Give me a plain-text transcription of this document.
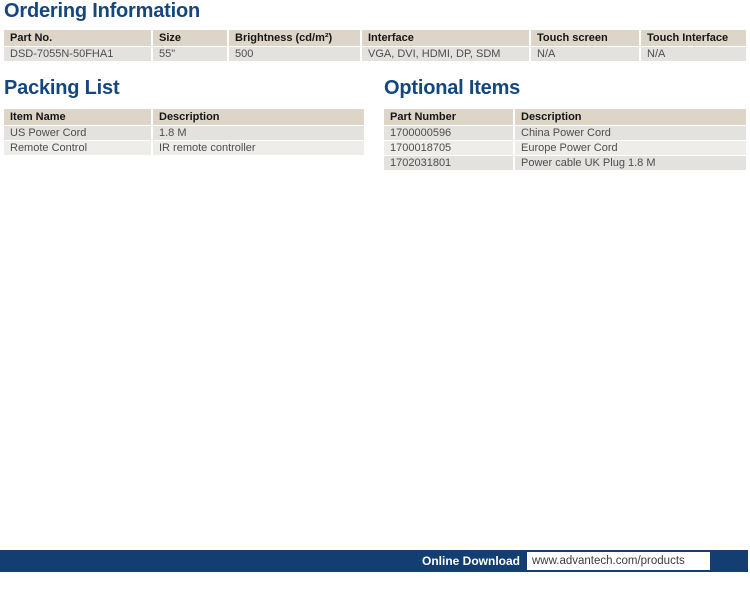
Ordering Information
Part No.	Size	Brightness (cd/m²)	Interface	Touch screen	Touch Interface
DSD-7055N-50FHA1	55"	500	VGA, DVI, HDMI, DP, SDM	N/A	N/A
Packing List
Item Name	Description
US Power Cord	1.8 M
Remote Control	IR remote controller
Optional Items
Part Number	Description
1700000596	China Power Cord
1700018705	Europe Power Cord
1702031801	Power cable UK Plug 1.8 M
Online Download	www.advantech.com/products
